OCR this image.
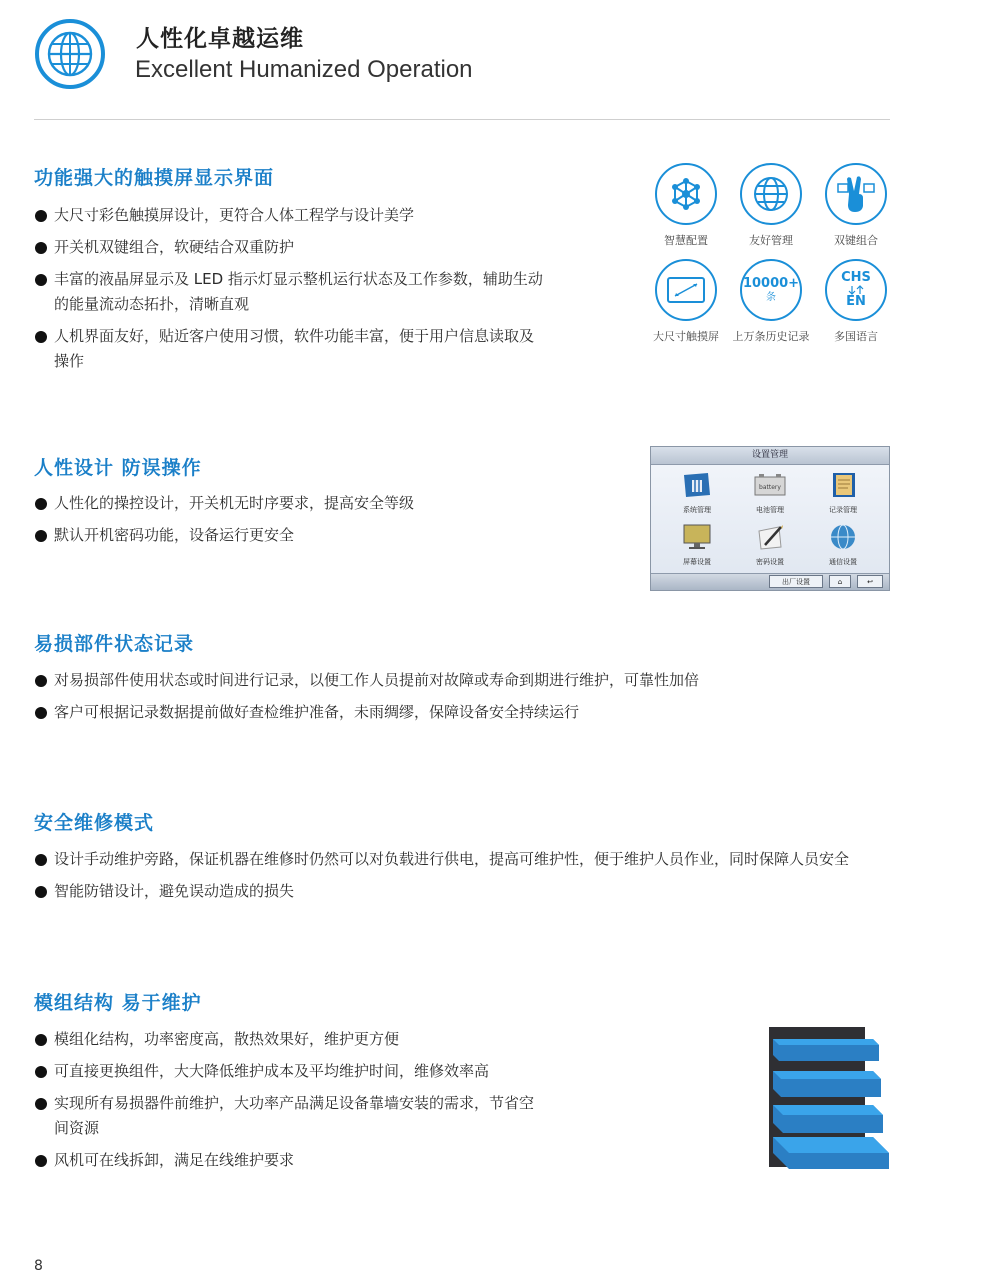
人性化卓越运维
Excellent Humanized Operation
功能强大的触摸屏显示界面
大尺寸彩色触摸屏设计，更符合人体工程学与设计美学
开关机双键组合，软硬结合双重防护
丰富的液晶屏显示及 LED 指示灯显示整机运行状态及工作参数，辅助生动的能量流动态拓扑，清晰直观
人机界面友好，贴近客户使用习惯，软件功能丰富，便于用户信息读取及操作
智慧配置	友好管理	双键组合
大尺寸触摸屏
10000+
条
上万条历史记录
CHS
EN
多国语言
人性设计 防误操作
人性化的操控设计，开关机无时序要求，提高安全等级
默认开机密码功能，设备运行更安全
设置管理
系统管理
battery
电池管理	记录管理
屏幕设置	密码设置	通信设置
出厂设置	⌂	↩
易损部件状态记录
对易损部件使用状态或时间进行记录，以便工作人员提前对故障或寿命到期进行维护，可靠性加倍
客户可根据记录数据提前做好查检维护准备，未雨绸缪，保障设备安全持续运行
安全维修模式
设计手动维护旁路，保证机器在维修时仍然可以对负载进行供电，提高可维护性，便于维护人员作业，同时保障人员安全
智能防错设计，避免误动造成的损失
模组结构 易于维护
模组化结构，功率密度高，散热效果好，维护更方便
可直接更换组件，大大降低维护成本及平均维护时间，维修效率高
实现所有易损器件前维护，大功率产品满足设备靠墙安装的需求，节省空间资源
风机可在线拆卸，满足在线维护要求
8
